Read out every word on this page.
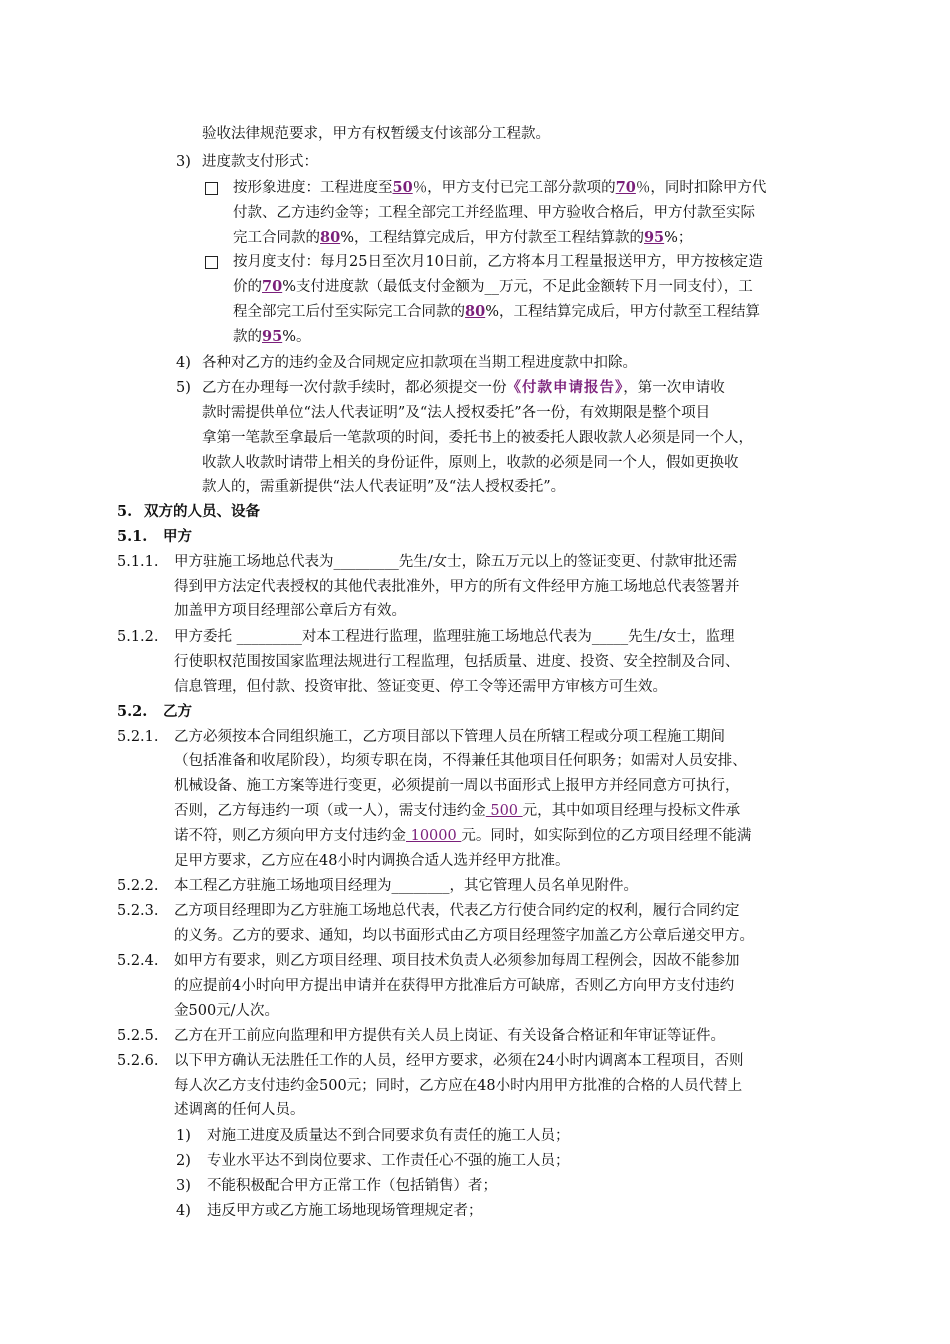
3)
4)
5)
5.
5.1.
5.1.1.
5.1.2.
5.2.
5.2.1.
5.2.2.
5.2.3.
5.2.4.
5.2.5.
5.2.6.
1)
2)
3)
4)
验收法律规范要求，甲方有权暂缓支付该部分工程款。
进度款支付形式：
按形象进度：工程进度至50％，甲方支付已完工部分款项的70％，同时扣除甲方代
付款、乙方违约金等；工程全部完工并经监理、甲方验收合格后，甲方付款至实际
完工合同款的80%，工程结算完成后，甲方付款至工程结算款的95%；
按月度支付：每月25日至次月10日前，乙方将本月工程量报送甲方，甲方按核定造
价的70%支付进度款（最低支付金额为__万元，不足此金额转下月一同支付），工
程全部完工后付至实际完工合同款的80%，工程结算完成后，甲方付款至工程结算
款的95%。
各种对乙方的违约金及合同规定应扣款项在当期工程进度款中扣除。
乙方在办理每一次付款手续时，都必须提交一份《付款申请报告》，第一次申请收
款时需提供单位“法人代表证明”及“法人授权委托”各一份，有效期限是整个项目
拿第一笔款至拿最后一笔款项的时间，委托书上的被委托人跟收款人必须是同一个人，
收款人收款时请带上相关的身份证件，原则上，收款的必须是同一个人，假如更换收
款人的，需重新提供“法人代表证明”及“法人授权委托”。
双方的人员、设备
甲方
甲方驻施工场地总代表为_________先生/女士，除五万元以上的签证变更、付款审批还需
得到甲方法定代表授权的其他代表批准外，甲方的所有文件经甲方施工场地总代表签署并
加盖甲方项目经理部公章后方有效。
甲方委托 _________对本工程进行监理，监理驻施工场地总代表为_____先生/女士，监理
行使职权范围按国家监理法规进行工程监理，包括质量、进度、投资、安全控制及合同、
信息管理，但付款、投资审批、签证变更、停工令等还需甲方审核方可生效。
乙方
乙方必须按本合同组织施工，乙方项目部以下管理人员在所辖工程或分项工程施工期间
（包括准备和收尾阶段），均须专职在岗，不得兼任其他项目任何职务；如需对人员安排、
机械设备、施工方案等进行变更，必须提前一周以书面形式上报甲方并经同意方可执行，
否则，乙方每违约一项（或一人），需支付违约金 500 元，其中如项目经理与投标文件承
诺不符，则乙方须向甲方支付违约金 10000 元。同时，如实际到位的乙方项目经理不能满
足甲方要求，乙方应在48小时内调换合适人选并经甲方批准。
本工程乙方驻施工场地项目经理为________，其它管理人员名单见附件。
乙方项目经理即为乙方驻施工场地总代表，代表乙方行使合同约定的权利，履行合同约定
的义务。乙方的要求、通知，均以书面形式由乙方项目经理签字加盖乙方公章后递交甲方。
如甲方有要求，则乙方项目经理、项目技术负责人必须参加每周工程例会，因故不能参加
的应提前4小时向甲方提出申请并在获得甲方批准后方可缺席，否则乙方向甲方支付违约
金500元/人次。
乙方在开工前应向监理和甲方提供有关人员上岗证、有关设备合格证和年审证等证件。
以下甲方确认无法胜任工作的人员，经甲方要求，必须在24小时内调离本工程项目，否则
每人次乙方支付违约金500元；同时，乙方应在48小时内用甲方批准的合格的人员代替上
述调离的任何人员。
对施工进度及质量达不到合同要求负有责任的施工人员；
专业水平达不到岗位要求、工作责任心不强的施工人员；
不能积极配合甲方正常工作（包括销售）者；
违反甲方或乙方施工场地现场管理规定者；
